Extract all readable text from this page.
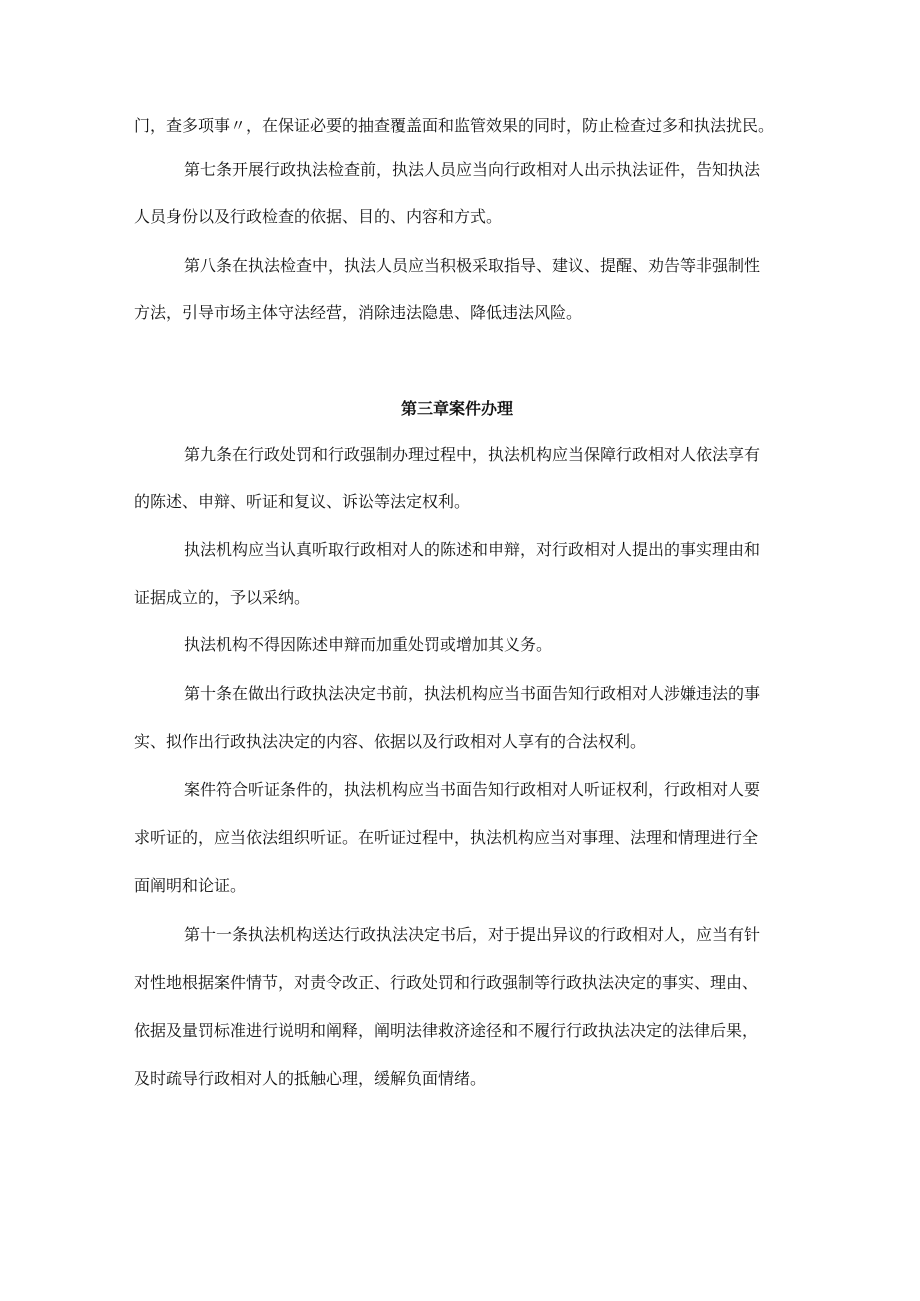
门，查多项事〃，在保证必要的抽查覆盖面和监管效果的同时，防止检查过多和执法扰民。
第七条开展行政执法检查前，执法人员应当向行政相对人出示执法证件，告知执法
人员身份以及行政检查的依据、目的、内容和方式。
第八条在执法检查中，执法人员应当积极采取指导、建议、提醒、劝告等非强制性
方法，引导市场主体守法经营，消除违法隐患、降低违法风险。
第三章案件办理
第九条在行政处罚和行政强制办理过程中，执法机构应当保障行政相对人依法享有
的陈述、申辩、听证和复议、诉讼等法定权利。
执法机构应当认真听取行政相对人的陈述和申辩，对行政相对人提出的事实理由和
证据成立的，予以采纳。
执法机构不得因陈述申辩而加重处罚或增加其义务。
第十条在做出行政执法决定书前，执法机构应当书面告知行政相对人涉嫌违法的事
实、拟作出行政执法决定的内容、依据以及行政相对人享有的合法权利。
案件符合听证条件的，执法机构应当书面告知行政相对人听证权利，行政相对人要
求听证的，应当依法组织听证。在听证过程中，执法机构应当对事理、法理和情理进行全
面阐明和论证。
第十一条执法机构送达行政执法决定书后，对于提出异议的行政相对人，应当有针
对性地根据案件情节，对责令改正、行政处罚和行政强制等行政执法决定的事实、理由、
依据及量罚标准进行说明和阐释，阐明法律救济途径和不履行行政执法决定的法律后果，
及时疏导行政相对人的抵触心理，缓解负面情绪。
